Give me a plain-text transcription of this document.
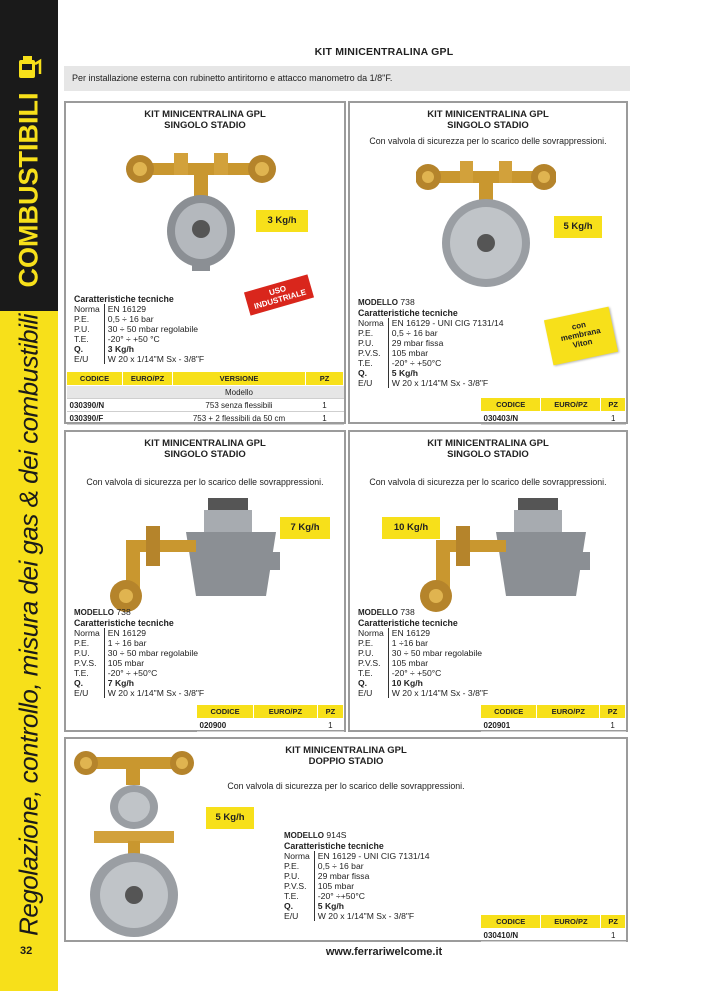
COMBUSTIBILI
Regolazione, controllo, misura dei gas & dei combustibili
KIT MINICENTRALINA GPL
Per installazione esterna con rubinetto antiritorno e attacco manometro da 1/8"F.
KIT MINICENTRALINA GPL
SINGOLO STADIO
3 Kg/h
USO
INDUSTRIALE
Caratteristiche tecniche
Norma	EN 16129
P.E.	0,5 ÷ 16 bar
P.U.	30 ÷ 50 mbar regolabile
T.E.	-20° ÷ +50 °C
Q.	3 Kg/h
E/U	W 20 x 1/14"M Sx - 3/8"F
CODICE	EURO/PZ	VERSIONE	PZ
		Modello	
030390/N		753 senza flessibili	1
030390/F		753 + 2 flessibili da 50 cm	1
KIT MINICENTRALINA GPL
SINGOLO STADIO
Con valvola di sicurezza per lo scarico delle sovrappressioni.
5 Kg/h
con
membrana
Viton
MODELLO 738
Caratteristiche tecniche
Norma	EN 16129 - UNI CIG 7131/14
P.E.	0,5 ÷ 16 bar
P.U.	29 mbar fissa
P.V.S.	105 mbar
T.E.	-20° ÷ +50°C
Q.	5 Kg/h
E/U	W 20 x 1/14"M Sx - 3/8"F
CODICE	EURO/PZ	PZ
030403/N		1
KIT MINICENTRALINA GPL
SINGOLO STADIO
Con valvola di sicurezza per lo scarico delle sovrappressioni.
7 Kg/h
MODELLO 738
Caratteristiche tecniche
Norma	EN 16129
P.E.	1 ÷ 16 bar
P.U.	30 ÷ 50 mbar regolabile
P.V.S.	105 mbar
T.E.	-20° ÷ +50°C
Q.	7 Kg/h
E/U	W 20 x 1/14"M Sx - 3/8"F
CODICE	EURO/PZ	PZ
020900		1
KIT MINICENTRALINA GPL
SINGOLO STADIO
Con valvola di sicurezza per lo scarico delle sovrappressioni.
10 Kg/h
MODELLO 738
Caratteristiche tecniche
Norma	EN 16129
P.E.	1 ÷16 bar
P.U.	30 ÷ 50 mbar regolabile
P.V.S.	105 mbar
T.E.	-20° ÷ +50°C
Q.	10 Kg/h
E/U	W 20 x 1/14"M Sx - 3/8"F
CODICE	EURO/PZ	PZ
020901		1
KIT MINICENTRALINA GPL
DOPPIO STADIO
Con valvola di sicurezza per lo scarico delle sovrappressioni.
5 Kg/h
MODELLO 914S
Caratteristiche tecniche
Norma	EN 16129 - UNI CIG 7131/14
P.E.	0,5 ÷ 16 bar
P.U.	29 mbar fissa
P.V.S.	105 mbar
T.E.	-20° ÷+50°C
Q.	5 Kg/h
E/U	W 20 x 1/14"M Sx - 3/8"F
CODICE	EURO/PZ	PZ
030410/N		1
32	www.ferrariwelcome.it
